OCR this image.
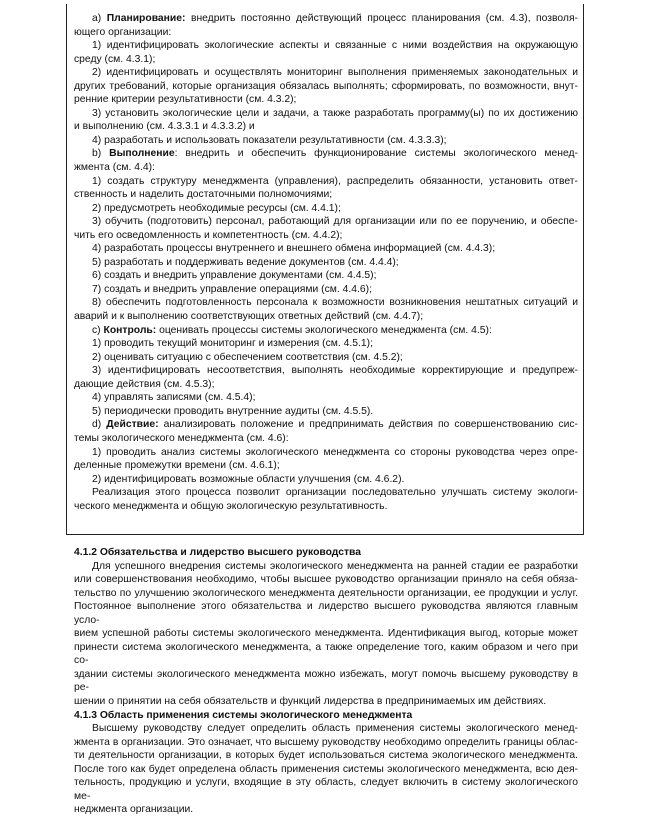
a) Планирование: внедрить постоянно действующий процесс планирования (см. 4.3), позволя-
ющего организации:
1) идентифицировать экологические аспекты и связанные с ними воздействия на окружающую
среду (см. 4.3.1);
2) идентифицировать и осуществлять мониторинг выполнения применяемых законодательных и
других требований, которые организация обязалась выполнять; сформировать, по возможности, внут-
ренние критерии результативности (см. 4.3.2);
3) установить экологические цели и задачи, а также разработать программу(ы) по их достижению
и выполнению (см. 4.3.3.1 и 4.3.3.2) и
4) разработать и использовать показатели результативности (см. 4.3.3.3);
b) Выполнение: внедрить и обеспечить функционирование системы экологического менед-
жмента (см. 4.4):
1) создать структуру менеджмента (управления), распределить обязанности, установить ответ-
ственность и наделить достаточными полномочиями;
2) предусмотреть необходимые ресурсы (см. 4.4.1);
3) обучить (подготовить) персонал, работающий для организации или по ее поручению, и обеспе-
чить его осведомленность и компетентность (см. 4.4.2);
4) разработать процессы внутреннего и внешнего обмена информацией (см. 4.4.3);
5) разработать и поддерживать ведение документов (см. 4.4.4);
6) создать и внедрить управление документами (см. 4.4.5);
7) создать и внедрить управление операциями (см. 4.4.6);
8) обеспечить подготовленность персонала к возможности возникновения нештатных ситуаций и
аварий и к выполнению соответствующих ответных действий (см. 4.4.7);
c) Контроль: оценивать процессы системы экологического менеджмента (см. 4.5):
1) проводить текущий мониторинг и измерения (см. 4.5.1);
2) оценивать ситуацию с обеспечением соответствия (см. 4.5.2);
3) идентифицировать несоответствия, выполнять необходимые корректирующие и предупреж-
дающие действия (см. 4.5.3);
4) управлять записями (см. 4.5.4);
5) периодически проводить внутренние аудиты (см. 4.5.5).
d) Действие: анализировать положение и предпринимать действия по совершенствованию сис-
темы экологического менеджмента (см. 4.6):
1) проводить анализ системы экологического менеджмента со стороны руководства через опре-
деленные промежутки времени (см. 4.6.1);
2) идентифицировать возможные области улучшения (см. 4.6.2).
Реализация этого процесса позволит организации последовательно улучшать систему экологи-
ческого менеджмента и общую экологическую результативность.
4.1.2 Обязательства и лидерство высшего руководства
Для успешного внедрения системы экологического менеджмента на ранней стадии ее разработки
или совершенствования необходимо, чтобы высшее руководство организации приняло на себя обяза-
тельство по улучшению экологического менеджмента деятельности организации, ее продукции и услуг.
Постоянное выполнение этого обязательства и лидерство высшего руководства являются главным усло-
вием успешной работы системы экологического менеджмента. Идентификация выгод, которые может
принести система экологического менеджмента, а также определение того, каким образом и чего при со-
здании системы экологического менеджмента можно избежать, могут помочь высшему руководству в ре-
шении о принятии на себя обязательств и функций лидерства в предпринимаемых им действиях.
4.1.3 Область применения системы экологического менеджмента
Высшему руководству следует определить область применения системы экологического менед-
жмента в организации. Это означает, что высшему руководству необходимо определить границы облас-
ти деятельности организации, в которых будет использоваться система экологического менеджмента.
После того как будет определена область применения системы экологического менеджмента, всю дея-
тельность, продукцию и услуги, входящие в эту область, следует включить в систему экологического ме-
неджмента организации.
